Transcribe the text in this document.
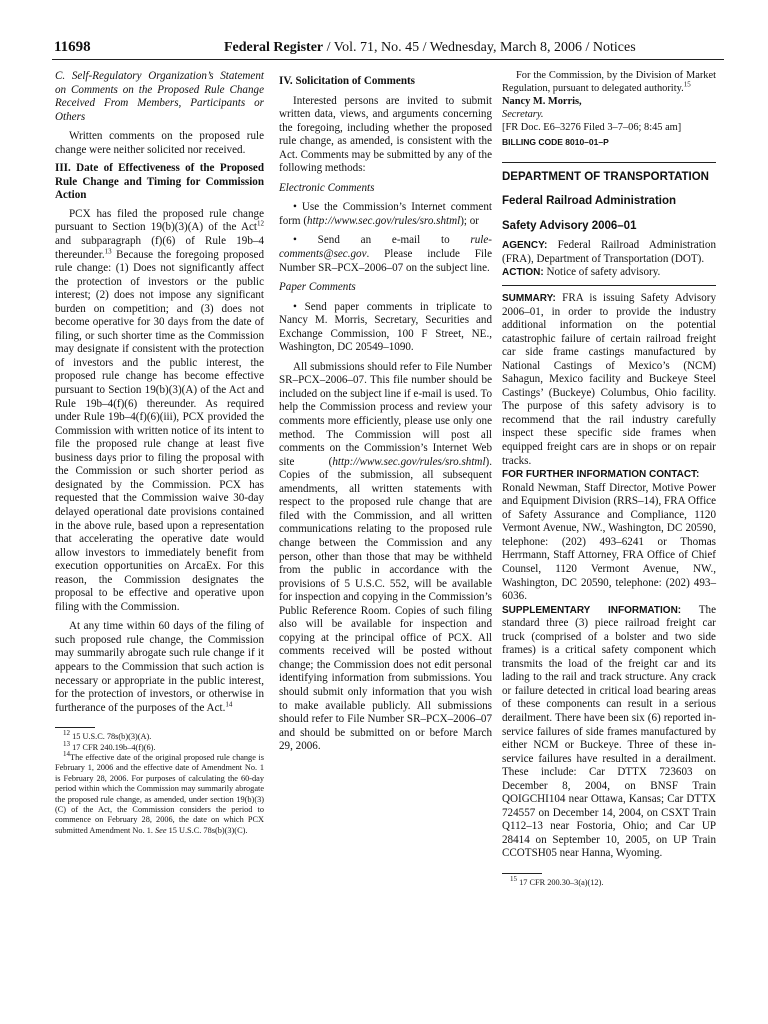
11698	Federal Register / Vol. 71, No. 45 / Wednesday, March 8, 2006 / Notices

C. Self-Regulatory Organization’s Statement on Comments on the Proposed Rule Change Received From Members, Participants or Others

Written comments on the proposed rule change were neither solicited nor received.

III. Date of Effectiveness of the Proposed Rule Change and Timing for Commission Action

PCX has filed the proposed rule change pursuant to Section 19(b)(3)(A) of the Act$^{12}$ and subparagraph (f)(6) of Rule 19b–4 thereunder.$^{13}$ Because the foregoing proposed rule change: (1) Does not significantly affect the protection of investors or the public interest; (2) does not impose any significant burden on competition; and (3) does not become operative for 30 days from the date of filing, or such shorter time as the Commission may designate if consistent with the protection of investors and the public interest, the proposed rule change has become effective pursuant to Section 19(b)(3)(A) of the Act and Rule 19b–4(f)(6) thereunder. As required under Rule 19b–4(f)(6)(iii), PCX provided the Commission with written notice of its intent to file the proposed rule change at least five business days prior to filing the proposal with the Commission or such shorter period as designated by the Commission. PCX has requested that the Commission waive 30-day delayed operational date provisions contained in the above rule, based upon a representation that accelerating the operative date would allow investors to immediately benefit from execution opportunities on ArcaEx. For this reason, the Commission designates the proposal to be effective and operative upon filing with the Commission.

At any time within 60 days of the filing of such proposed rule change, the Commission may summarily abrogate such rule change if it appears to the Commission that such action is necessary or appropriate in the public interest, for the protection of investors, or otherwise in furtherance of the purposes of the Act.$^{14}$

$^{12}$ 15 U.S.C. 78s(b)(3)(A).

$^{13}$ 17 CFR 240.19b–4(f)(6).

$^{14}$The effective date of the original proposed rule change is February 1, 2006 and the effective date of Amendment No. 1 is February 28, 2006. For purposes of calculating the 60-day period within which the Commission may summarily abrogate the proposed rule change, as amended, under section 19(b)(3)(C) of the Act, the Commission considers the period to commence on February 28, 2006, the date on which PCX submitted Amendment No. 1. See 15 U.S.C. 78s(b)(3)(C).

IV. Solicitation of Comments

Interested persons are invited to submit written data, views, and arguments concerning the foregoing, including whether the proposed rule change, as amended, is consistent with the Act. Comments may be submitted by any of the following methods:

Electronic Comments

• Use the Commission’s Internet comment form (http://www.sec.gov/rules/sro.shtml); or

• Send an e-mail to rule-comments@sec.gov. Please include File Number SR–PCX–2006–07 on the subject line.

Paper Comments

• Send paper comments in triplicate to Nancy M. Morris, Secretary, Securities and Exchange Commission, 100 F Street, NE., Washington, DC 20549–1090.

All submissions should refer to File Number SR–PCX–2006–07. This file number should be included on the subject line if e-mail is used. To help the Commission process and review your comments more efficiently, please use only one method. The Commission will post all comments on the Commission’s Internet Web site (http://www.sec.gov/rules/sro.shtml). Copies of the submission, all subsequent amendments, all written statements with respect to the proposed rule change that are filed with the Commission, and all written communications relating to the proposed rule change between the Commission and any person, other than those that may be withheld from the public in accordance with the provisions of 5 U.S.C. 552, will be available for inspection and copying in the Commission’s Public Reference Room. Copies of such filing also will be available for inspection and copying at the principal office of PCX. All comments received will be posted without change; the Commission does not edit personal identifying information from submissions. You should submit only information that you wish to make available publicly. All submissions should refer to File Number SR–PCX–2006–07 and should be submitted on or before March 29, 2006.

For the Commission, by the Division of Market Regulation, pursuant to delegated authority.$^{15}$

Nancy M. Morris,

Secretary.

[FR Doc. E6–3276 Filed 3–7–06; 8:45 am]

BILLING CODE 8010–01–P

DEPARTMENT OF TRANSPORTATION

Federal Railroad Administration

Safety Advisory 2006–01

AGENCY: Federal Railroad Administration (FRA), Department of Transportation (DOT).

ACTION: Notice of safety advisory.

SUMMARY: FRA is issuing Safety Advisory 2006–01, in order to provide the industry additional information on the potential catastrophic failure of certain railroad freight car side frame castings manufactured by National Castings of Mexico’s (NCM) Sahagun, Mexico facility and Buckeye Steel Castings’ (Buckeye) Columbus, Ohio facility. The purpose of this safety advisory is to recommend that the rail industry carefully inspect these specific side frames when equipped freight cars are in shops or on repair tracks.

FOR FURTHER INFORMATION CONTACT:

Ronald Newman, Staff Director, Motive Power and Equipment Division (RRS–14), FRA Office of Safety Assurance and Compliance, 1120 Vermont Avenue, NW., Washington, DC 20590, telephone: (202) 493–6241 or Thomas Herrmann, Staff Attorney, FRA Office of Chief Counsel, 1120 Vermont Avenue, NW., Washington, DC 20590, telephone: (202) 493–6036.

SUPPLEMENTARY INFORMATION: The standard three (3) piece railroad freight car truck (comprised of a bolster and two side frames) is a critical safety component which transmits the load of the freight car and its lading to the rail and track structure. Any crack or failure detected in critical load bearing areas of these components can result in a serious derailment. There have been six (6) reported in-service failures of side frames manufactured by either NCM or Buckeye. Three of these in-service failures have resulted in a derailment. These include: Car DTTX 723603 on December 8, 2004, on BNSF Train QOIGCHI104 near Ottawa, Kansas; Car DTTX 724557 on December 14, 2004, on CSXT Train Q112–13 near Fostoria, Ohio; and Car UP 28414 on September 10, 2005, on UP Train CCOTSH05 near Hanna, Wyoming.

$^{15}$ 17 CFR 200.30–3(a)(12).
